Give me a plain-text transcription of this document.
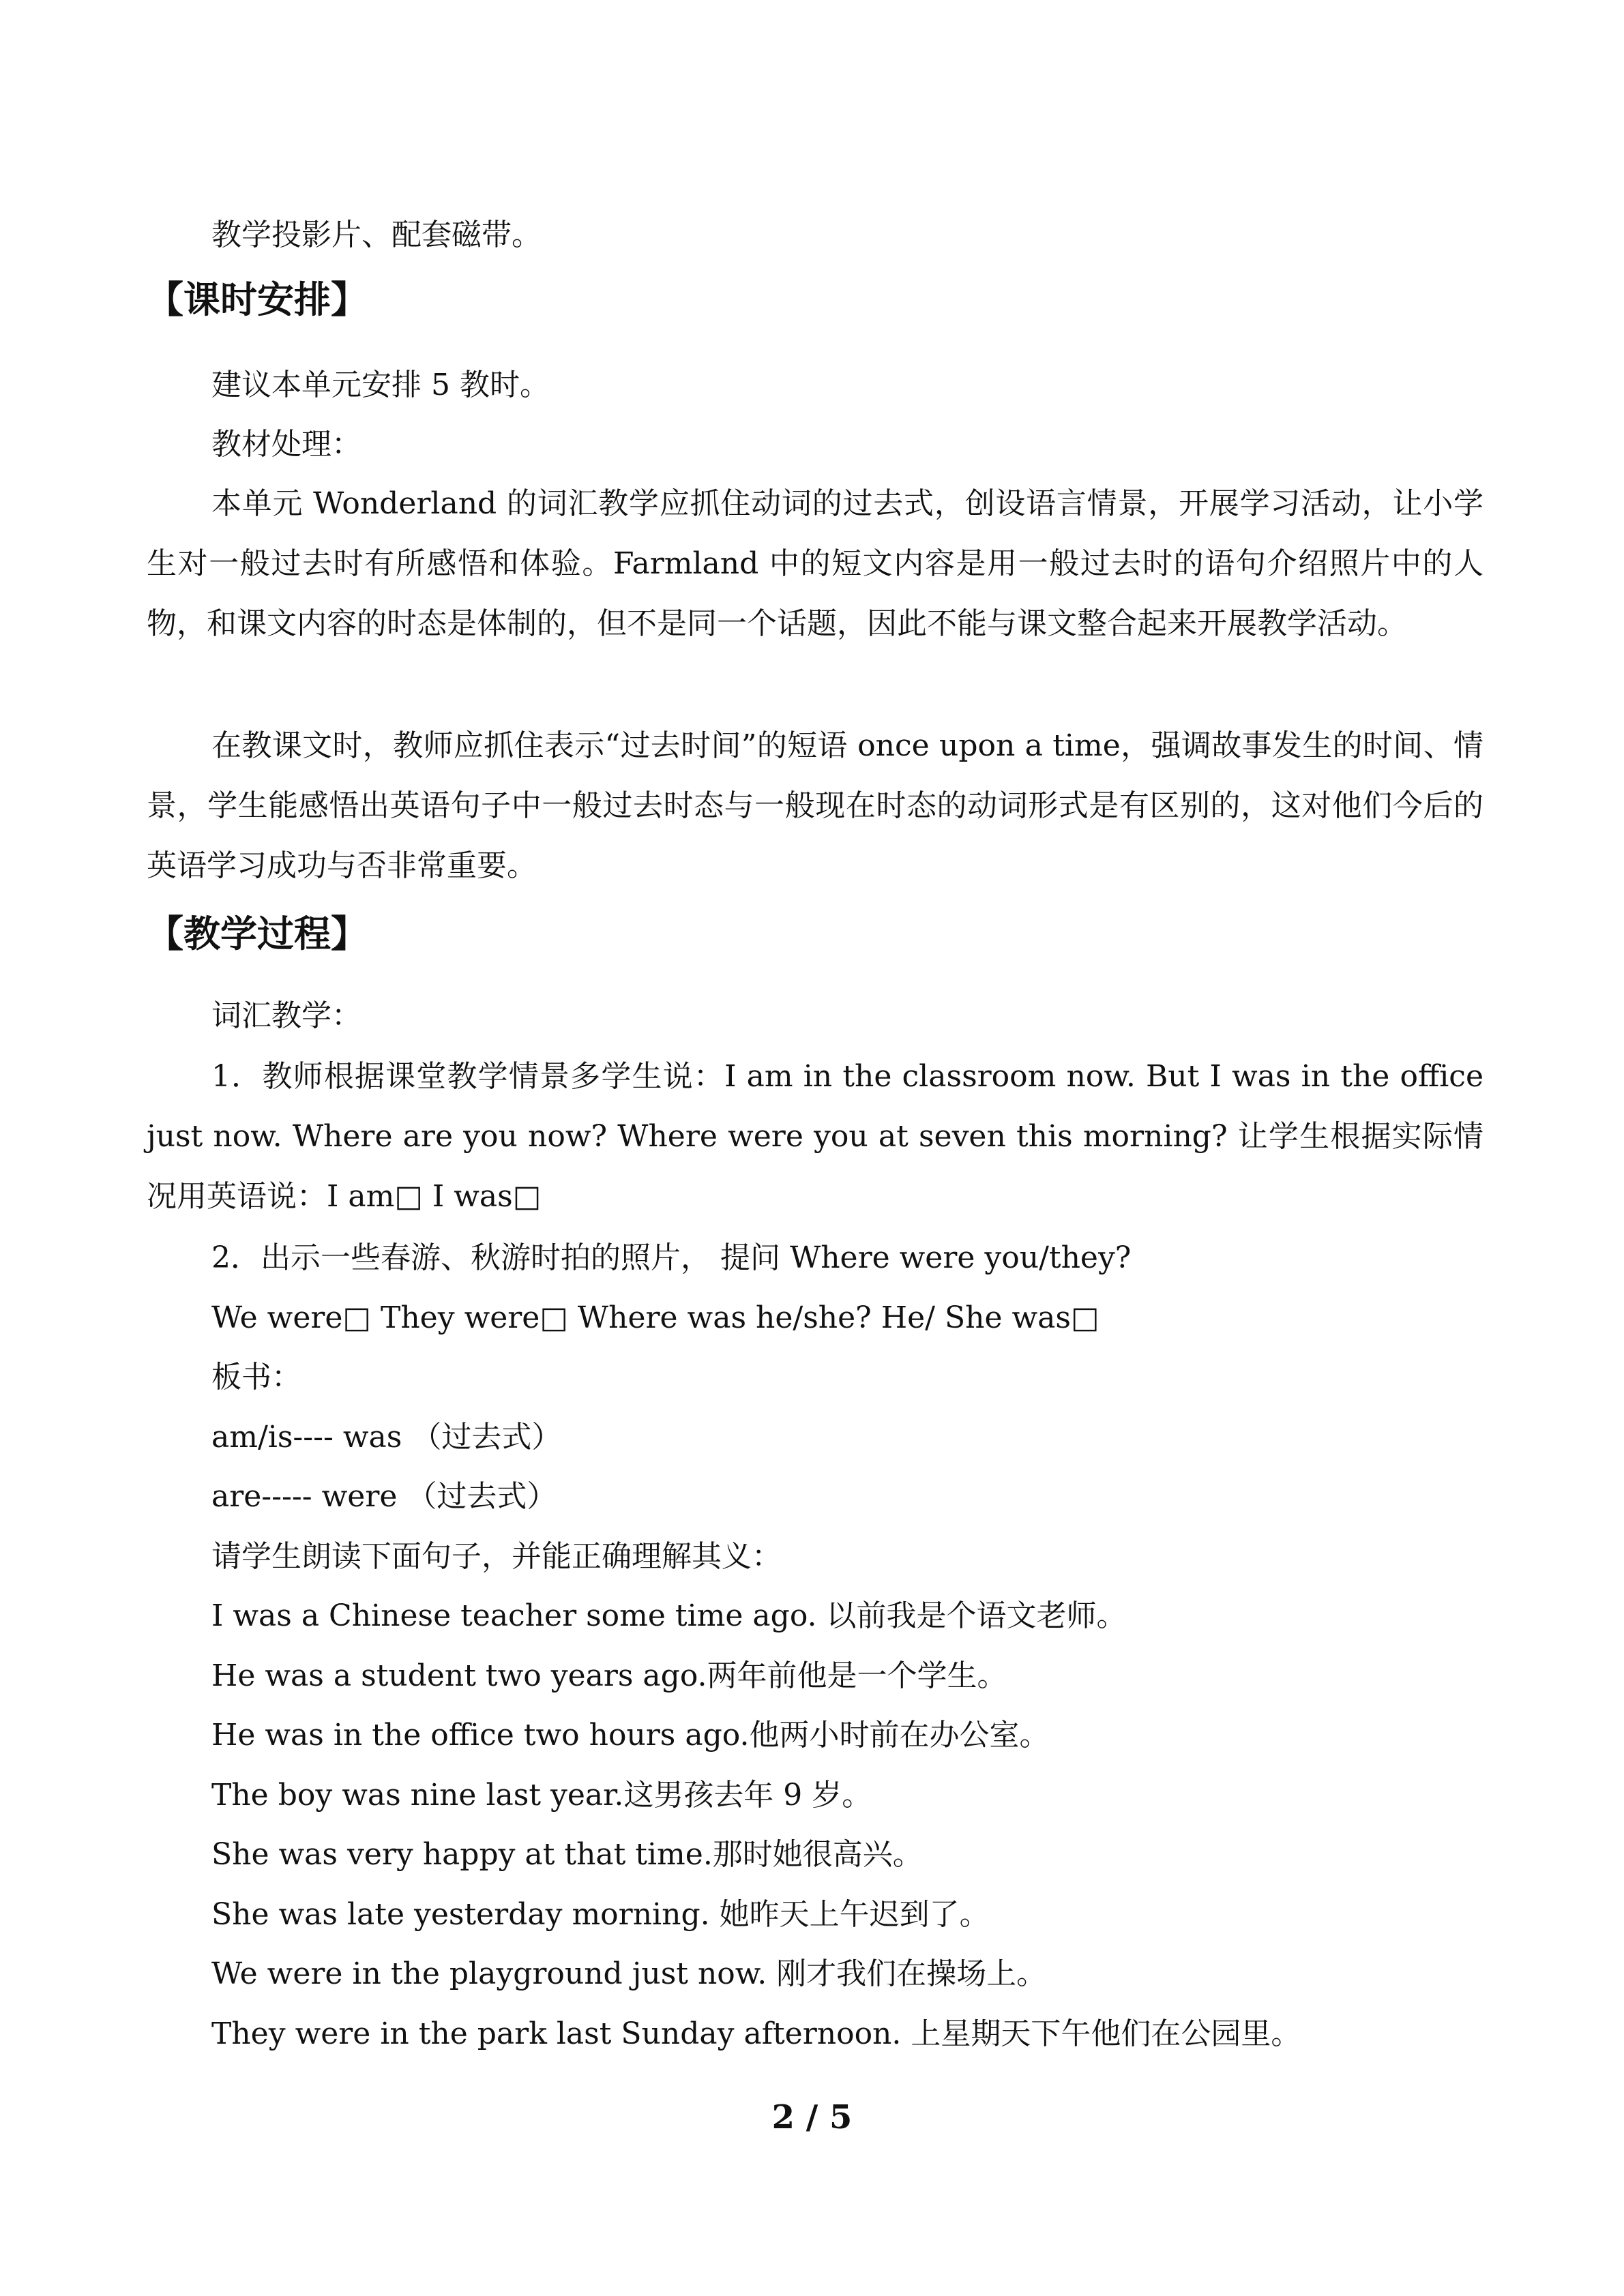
教学投影片、配套磁带。
【课时安排】
建议本单元安排 5 教时。
教材处理：
本单元 Wonderland 的词汇教学应抓住动词的过去式，创设语言情景，开展学习活动，让小学生对一般过去时有所感悟和体验。Farmland 中的短文内容是用一般过去时的语句介绍照片中的人物，和课文内容的时态是体制的，但不是同一个话题，因此不能与课文整合起来开展教学活动。
在教课文时，教师应抓住表示“过去时间”的短语 once upon a time，强调故事发生的时间、情景，学生能感悟出英语句子中一般过去时态与一般现在时态的动词形式是有区别的，这对他们今后的英语学习成功与否非常重要。
【教学过程】
词汇教学：
1．教师根据课堂教学情景多学生说：I am in the classroom now. But I was in the office just now. Where are you now? Where were you at seven this morning? 让学生根据实际情况用英语说：I am□ I was□
2．出示一些春游、秋游时拍的照片， 提问 Where were you/they?
We were□ They were□ Where was he/she? He/ She was□
板书：
am/is---- was （过去式）
are----- were （过去式）
请学生朗读下面句子，并能正确理解其义：
I was a Chinese teacher some time ago. 以前我是个语文老师。
He was a student two years ago.两年前他是一个学生。
He was in the office two hours ago.他两小时前在办公室。
The boy was nine last year.这男孩去年 9 岁。
She was very happy at that time.那时她很高兴。
She was late yesterday morning. 她昨天上午迟到了。
We were in the playground just now. 刚才我们在操场上。
They were in the park last Sunday afternoon. 上星期天下午他们在公园里。
2 / 5
